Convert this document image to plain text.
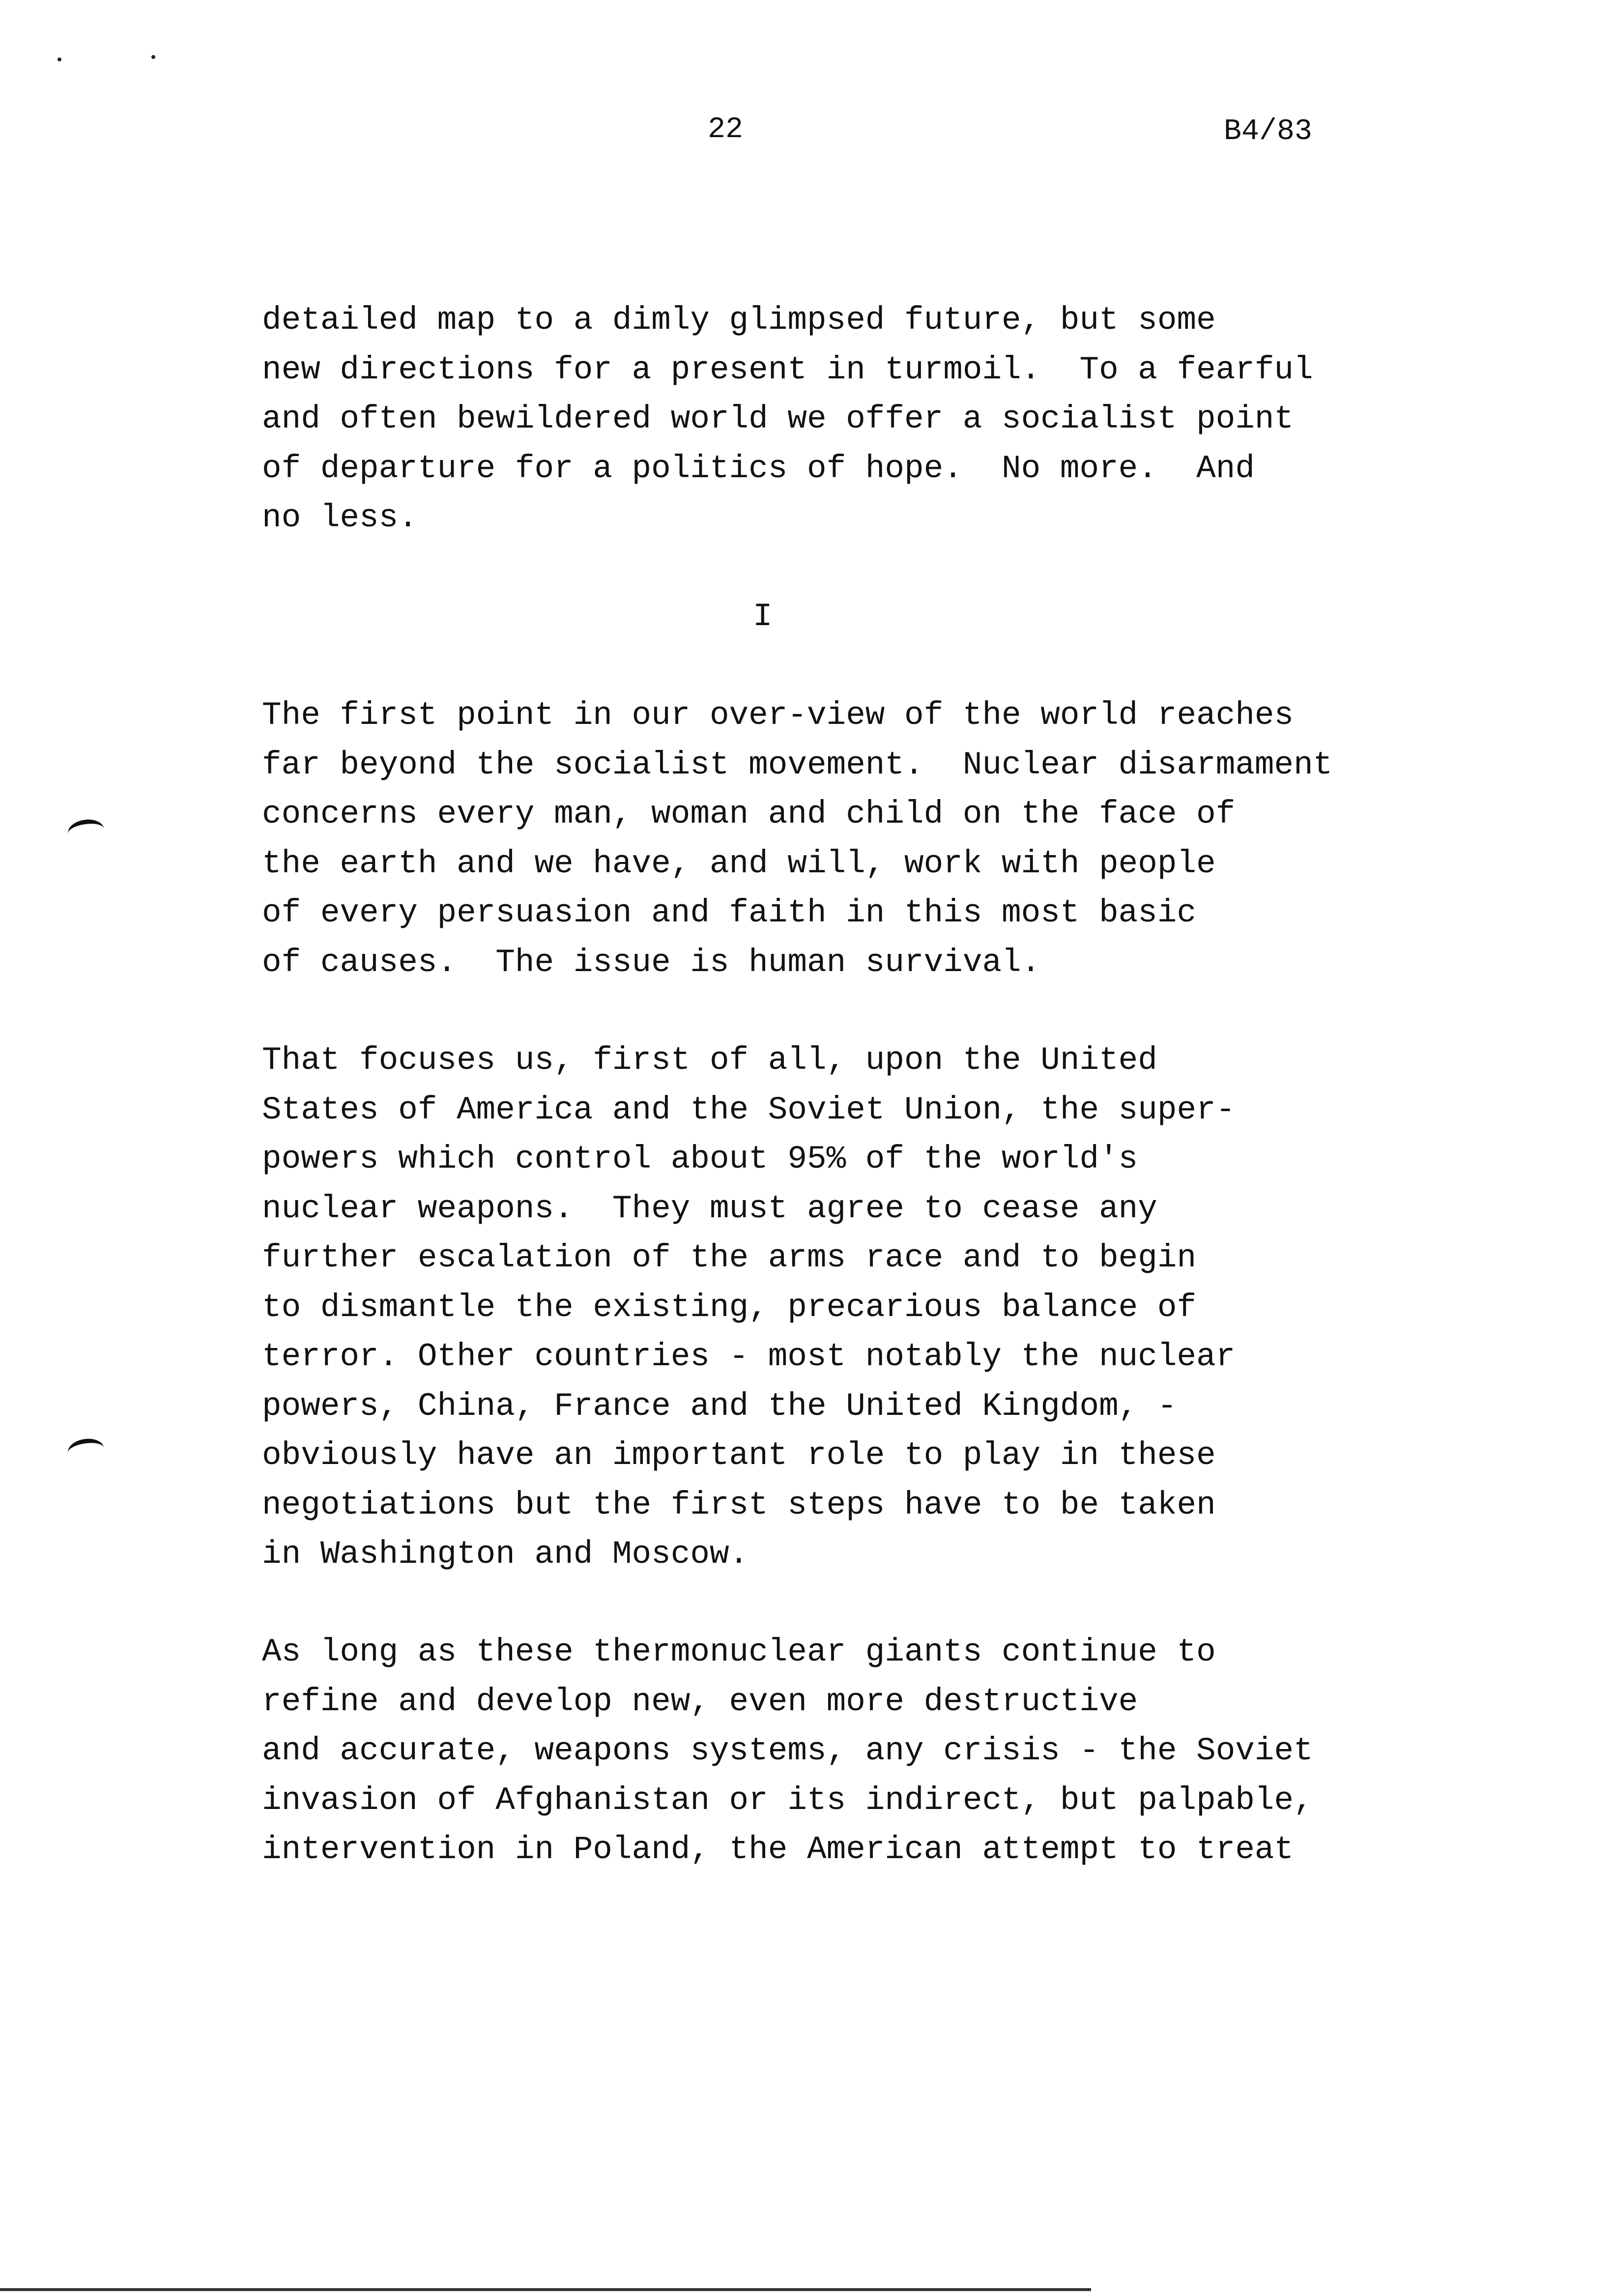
22	B4/83

detailed map to a dimly glimpsed future, but some
new directions for a present in turmoil.  To a fearful
and often bewildered world we offer a socialist point
of departure for a politics of hope.  No more.  And
no less.

I

The first point in our over-view of the world reaches
far beyond the socialist movement.  Nuclear disarmament
concerns every man, woman and child on the face of
the earth and we have, and will, work with people
of every persuasion and faith in this most basic
of causes.  The issue is human survival.

That focuses us, first of all, upon the United
States of America and the Soviet Union, the super-
powers which control about 95% of the world's
nuclear weapons.  They must agree to cease any
further escalation of the arms race and to begin
to dismantle the existing, precarious balance of
terror. Other countries - most notably the nuclear
powers, China, France and the United Kingdom, -
obviously have an important role to play in these
negotiations but the first steps have to be taken
in Washington and Moscow.

As long as these thermonuclear giants continue to
refine and develop new, even more destructive
and accurate, weapons systems, any crisis - the Soviet
invasion of Afghanistan or its indirect, but palpable,
intervention in Poland, the American attempt to treat
